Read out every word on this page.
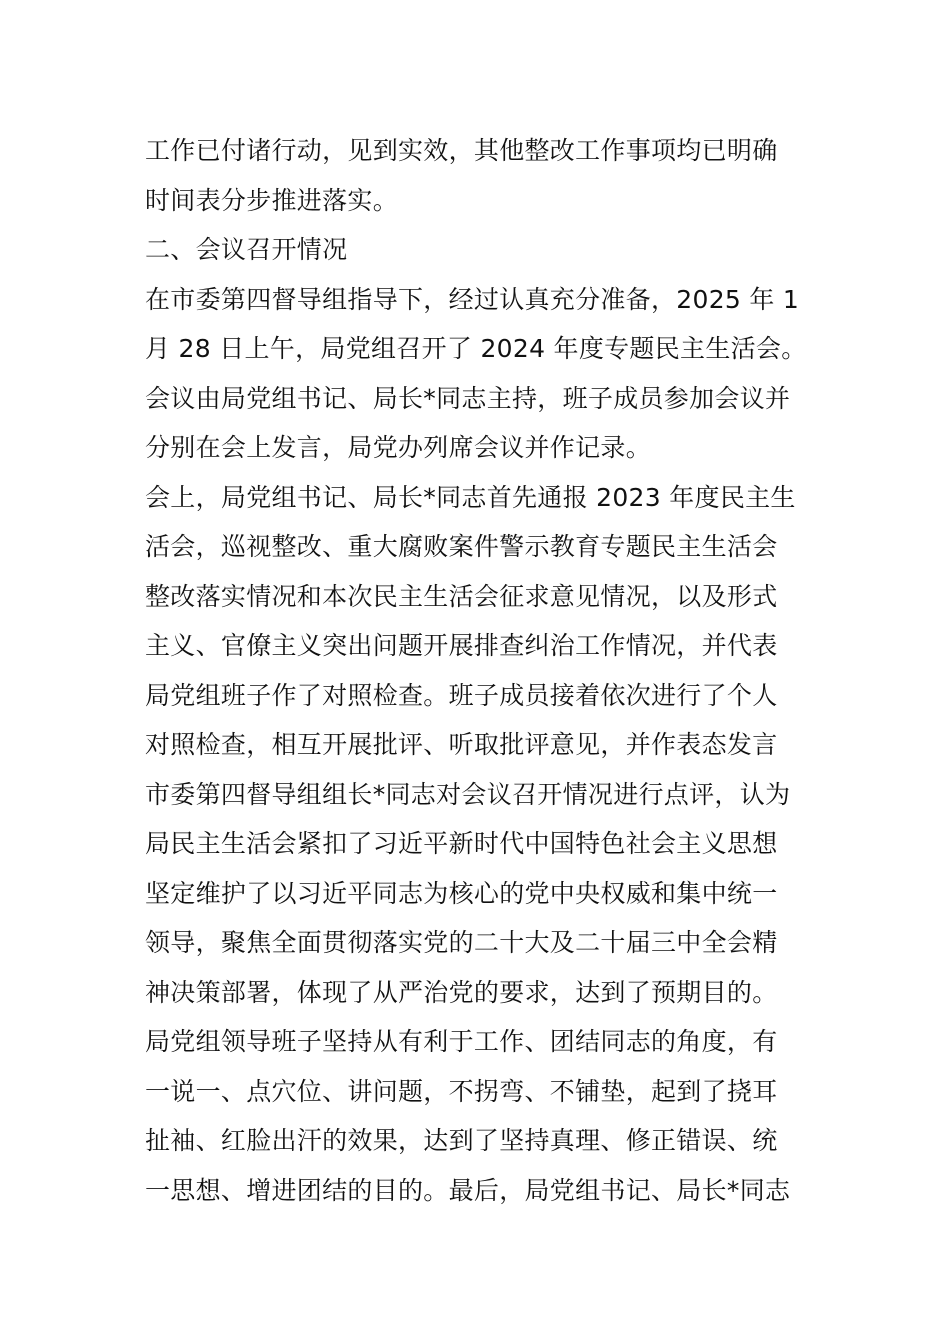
工作已付诸行动，见到实效，其他整改工作事项均已明确
时间表分步推进落实。
二、会议召开情况
在市委第四督导组指导下，经过认真充分准备，2025 年 1
月 28 日上午，局党组召开了 2024 年度专题民主生活会。
会议由局党组书记、局长*同志主持，班子成员参加会议并
分别在会上发言，局党办列席会议并作记录。
会上，局党组书记、局长*同志首先通报 2023 年度民主生
活会，巡视整改、重大腐败案件警示教育专题民主生活会
整改落实情况和本次民主生活会征求意见情况，以及形式
主义、官僚主义突出问题开展排查纠治工作情况，并代表
局党组班子作了对照检查。班子成员接着依次进行了个人
对照检查，相互开展批评、听取批评意见，并作表态发言
市委第四督导组组长*同志对会议召开情况进行点评，认为
局民主生活会紧扣了习近平新时代中国特色社会主义思想
坚定维护了以习近平同志为核心的党中央权威和集中统一
领导，聚焦全面贯彻落实党的二十大及二十届三中全会精
神决策部署，体现了从严治党的要求，达到了预期目的。
局党组领导班子坚持从有利于工作、团结同志的角度，有
一说一、点穴位、讲问题，不拐弯、不铺垫，起到了挠耳
扯袖、红脸出汗的效果，达到了坚持真理、修正错误、统
一思想、增进团结的目的。最后，局党组书记、局长*同志
